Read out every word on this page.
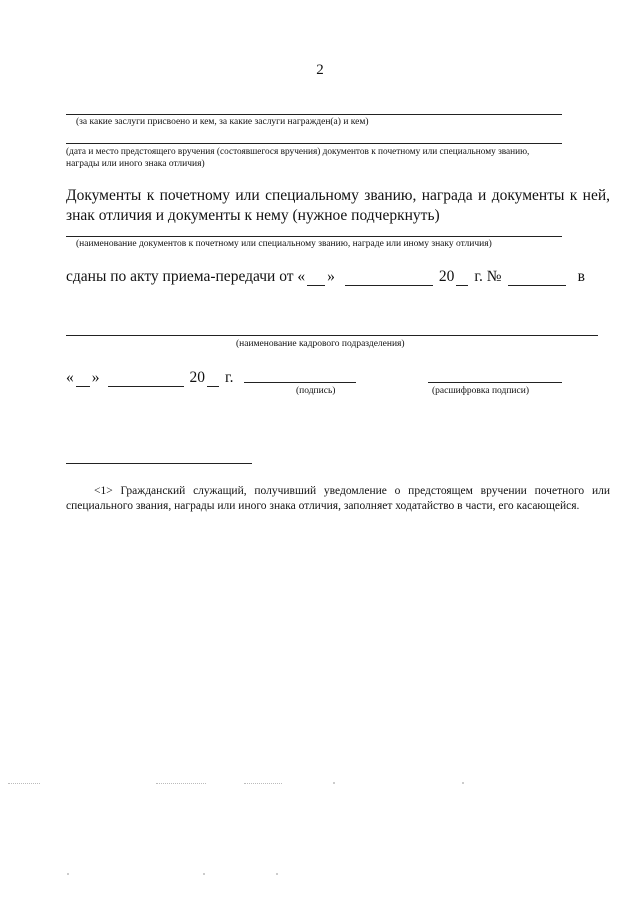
2
(за какие заслуги присвоено и кем, за какие заслуги награжден(а) и кем)
(дата и место предстоящего вручения (состоявшегося вручения) документов к почетному или специальному званию,
награды или иного знака отличия)
Документы к почетному или специальному званию, награда и документы к ней,
знак отличия и документы к нему (нужное подчеркнуть)
(наименование документов к почетному или специальному званию, награде или иному знаку отличия)
сданы по акту приема-передачи от « »	20 г. №	в
(наименование кадрового подразделения)
« »	20 г.
(подпись)	(расшифровка подписи)
<1> Гражданский служащий, получивший уведомление о предстоящем вручении почетного или специального звания, награды или иного знака отличия, заполняет ходатайство в части, его касающейся.
